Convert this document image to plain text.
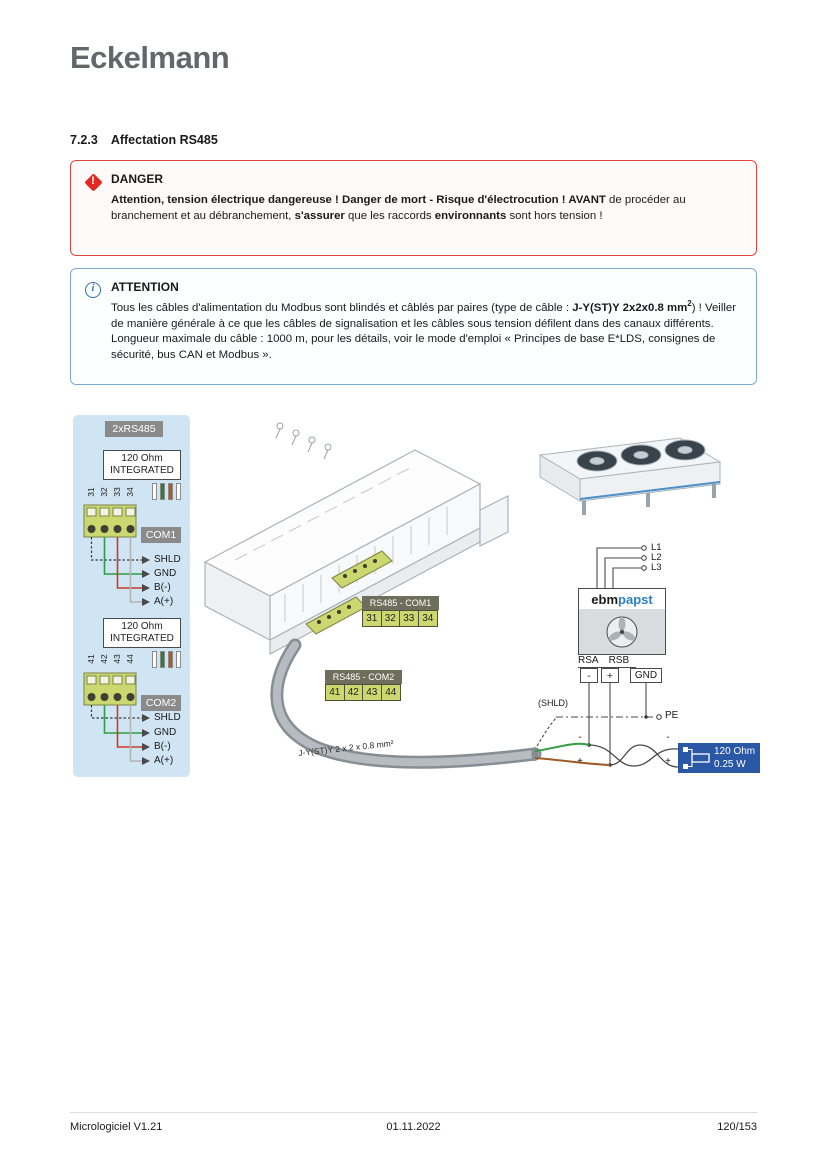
Eckelmann
7.2.3 Affectation RS485
!	DANGER

Attention, tension électrique dangereuse ! Danger de mort - Risque d'électrocution ! AVANT de procéder au branchement et au débranchement, s'assurer que les raccords environnants sont hors tension !

i	ATTENTION

Tous les câbles d'alimentation du Modbus sont blindés et câblés par paires (type de câble : J-Y(ST)Y 2x2x0.8 $mm^2$) ! Veiller de manière générale à ce que les câbles de signalisation et les câbles sous tension défilent dans des canaux différents. Longueur maximale du câble : 1000 m, pour les détails, voir le mode d'emploi « Principes de base E*LDS, consignes de sécurité, bus CAN et Modbus ».

2xRS485
120 Ohm
INTEGRATED
31 32 33 34
COM1
SHLD
GND
B(-)
A(+)
120 Ohm
INTEGRATED
41 42 43 44
COM2
SHLD
GND
B(-)
A(+)
RS485 - COM1
31 32 33 34
RS485 - COM2
41 42 43 44
J-Y(ST)Y 2 x 2 x 0.8 mm²
L1
L2
L3
ebm papst
RSA RSB
-	+	GND
(SHLD)
PE
-
+
-
+
120 Ohm
0.25 W
Micrologiciel V1.21	01.11.2022	120/153
